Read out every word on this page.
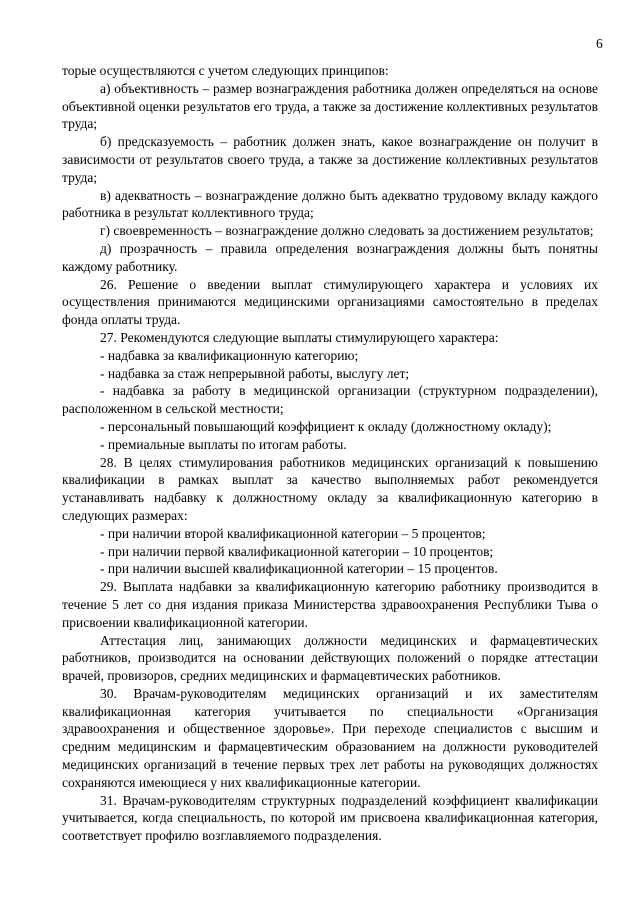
6

торые осуществляются с учетом следующих принципов:

а) объективность – размер вознаграждения работника должен определяться на основе объективной оценки результатов его труда, а также за достижение коллективных результатов труда;

б) предсказуемость – работник должен знать, какое вознаграждение он получит в зависимости от результатов своего труда, а также за достижение коллективных результатов труда;

в) адекватность – вознаграждение должно быть адекватно трудовому вкладу каждого работника в результат коллективного труда;

г) своевременность – вознаграждение должно следовать за достижением результатов;

д) прозрачность – правила определения вознаграждения должны быть понятны каждому работнику.

26. Решение о введении выплат стимулирующего характера и условиях их осуществления принимаются медицинскими организациями самостоятельно в пределах фонда оплаты труда.

27. Рекомендуются следующие выплаты стимулирующего характера:

- надбавка за квалификационную категорию;

- надбавка за стаж непрерывной работы, выслугу лет;

- надбавка за работу в медицинской организации (структурном подразделении), расположенном в сельской местности;

- персональный повышающий коэффициент к окладу (должностному окладу);

- премиальные выплаты по итогам работы.

28. В целях стимулирования работников медицинских организаций к повышению квалификации в рамках выплат за качество выполняемых работ рекомендуется устанавливать надбавку к должностному окладу за квалификационную категорию в следующих размерах:

- при наличии второй квалификационной категории – 5 процентов;

- при наличии первой квалификационной категории – 10 процентов;

- при наличии высшей квалификационной категории – 15 процентов.

29. Выплата надбавки за квалификационную категорию работнику производится в течение 5 лет со дня издания приказа Министерства здравоохранения Республики Тыва о присвоении квалификационной категории.

Аттестация лиц, занимающих должности медицинских и фармацевтических работников, производится на основании действующих положений о порядке аттестации врачей, провизоров, средних медицинских и фармацевтических работников.

30. Врачам-руководителям медицинских организаций и их заместителям квалификационная категория учитывается по специальности «Организация здравоохранения и общественное здоровье». При переходе специалистов с высшим и средним медицинским и фармацевтическим образованием на должности руководителей медицинских организаций в течение первых трех лет работы на руководящих должностях сохраняются имеющиеся у них квалификационные категории.

31. Врачам-руководителям структурных подразделений коэффициент квалификации учитывается, когда специальность, по которой им присвоена квалификационная категория, соответствует профилю возглавляемого подразделения.
